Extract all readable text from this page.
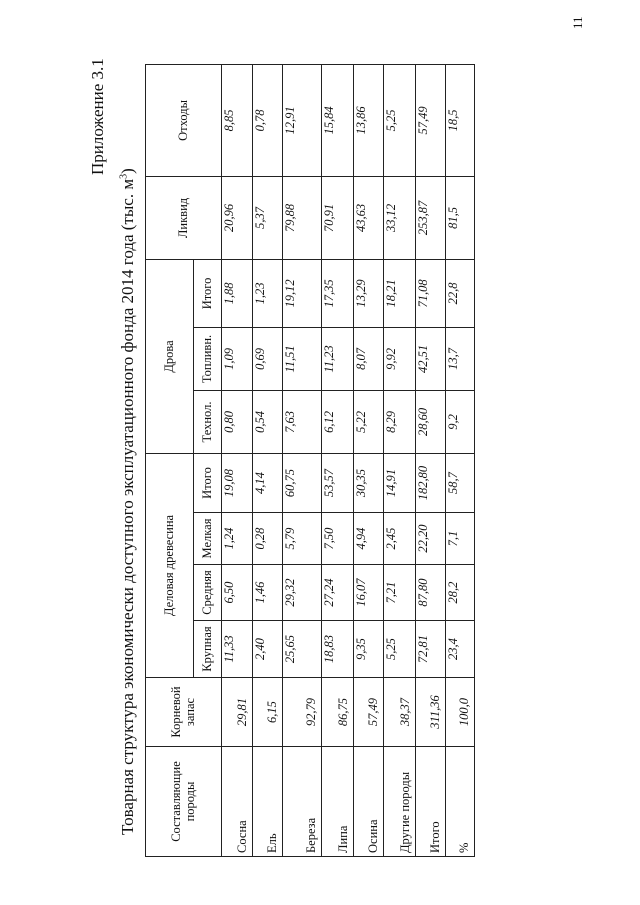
11
Приложение 3.1
Товарная структура экономически доступного эксплуатационного фонда 2014 года (тыс. $м^3$)
Составляющие породы	Корневой запас	Деловая древесина				Дрова			Ликвид	Отходы
		Крупная	Средняя	Мелкая	Итого	Технол.	Топливн.	Итого		
Сосна	29,81	11,33	6,50	1,24	19,08	0,80	1,09	1,88	20,96	8,85
Ель	6,15	2,40	1,46	0,28	4,14	0,54	0,69	1,23	5,37	0,78
Береза	92,79	25,65	29,32	5,79	60,75	7,63	11,51	19,12	79,88	12,91
Липа	86,75	18,83	27,24	7,50	53,57	6,12	11,23	17,35	70,91	15,84
Осина	57,49	9,35	16,07	4,94	30,35	5,22	8,07	13,29	43,63	13,86
Другие породы	38,37	5,25	7,21	2,45	14,91	8,29	9,92	18,21	33,12	5,25
Итого	311,36	72,81	87,80	22,20	182,80	28,60	42,51	71,08	253,87	57,49
%	100,0	23,4	28,2	7,1	58,7	9,2	13,7	22,8	81,5	18,5
